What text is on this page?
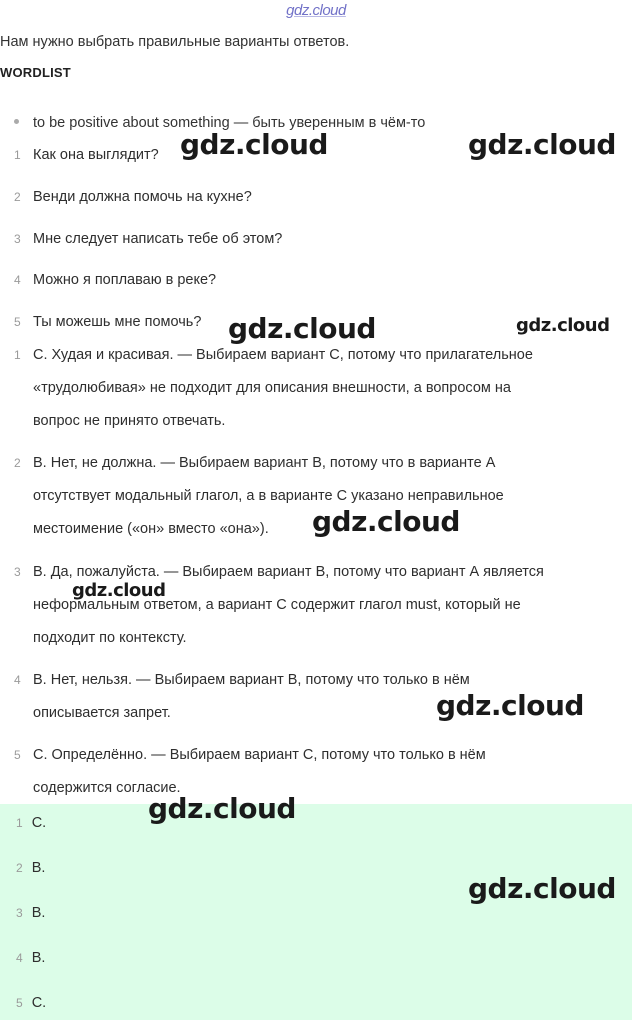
gdz.cloud
Нам нужно выбрать правильные варианты ответов.
WORDLIST
to be positive about something — быть уверенным в чём-то
1 Как она выглядит?
2 Венди должна помочь на кухне?
3 Мне следует написать тебе об этом?
4 Можно я поплаваю в реке?
5 Ты можешь мне помочь?
1 С. Худая и красивая. — Выбираем вариант С, потому что прилагательное
«трудолюбивая» не подходит для описания внешности, а вопросом на
вопрос не принято отвечать.
2 В. Нет, не должна. — Выбираем вариант В, потому что в варианте А
отсутствует модальный глагол, а в варианте С указано неправильное
местоимение («он» вместо «она»).
3 В. Да, пожалуйста. — Выбираем вариант В, потому что вариант А является
неформальным ответом, а вариант С содержит глагол must, который не
подходит по контексту.
4 В. Нет, нельзя. — Выбираем вариант В, потому что только в нём
описывается запрет.
5 С. Определённо. — Выбираем вариант С, потому что только в нём
содержится согласие.
1 С.
2 В.
3 В.
4 В.
5 С.
gdz.cloud	gdz.cloud
gdz.cloud	gdz.cloud
gdz.cloud
gdz.cloud
gdz.cloud
gdz.cloud
gdz.cloud
